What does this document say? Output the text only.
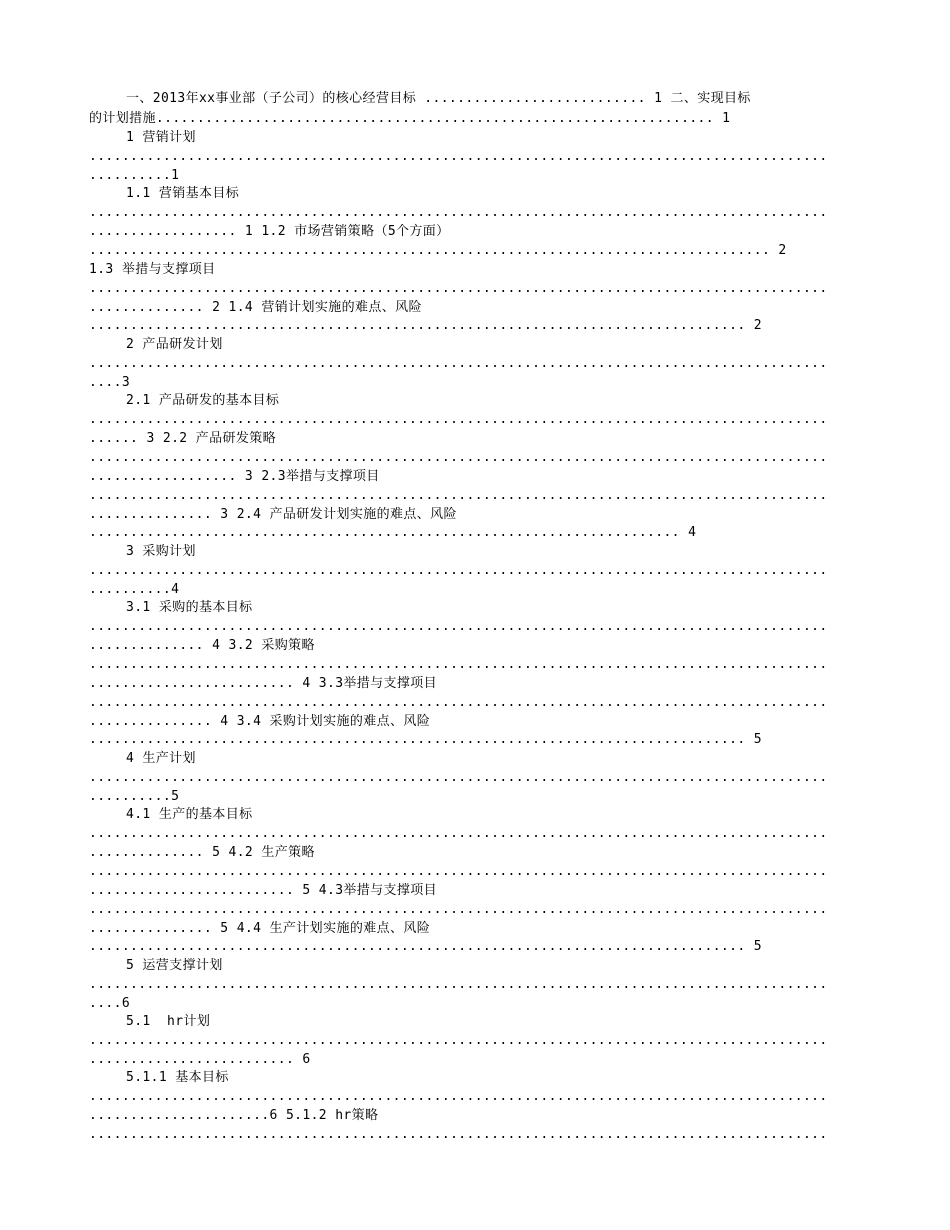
一、2013年xx事业部（子公司）的核心经营目标 ........................... 1 二、实现目标
的计划措施.................................................................... 1
1 营销计划
..........................................................................................
..........1
1.1 营销基本目标
..........................................................................................
.................. 1 1.2 市场营销策略（5个方面）
................................................................................... 2
1.3 举措与支撑项目
..........................................................................................
.............. 2 1.4 营销计划实施的难点、风险
................................................................................ 2
2 产品研发计划
..........................................................................................
....3
2.1 产品研发的基本目标
..........................................................................................
...... 3 2.2 产品研发策略
..........................................................................................
.................. 3 2.3举措与支撑项目
..........................................................................................
............... 3 2.4 产品研发计划实施的难点、风险
........................................................................ 4
3 采购计划
..........................................................................................
..........4
3.1 采购的基本目标
..........................................................................................
.............. 4 3.2 采购策略
..........................................................................................
......................... 4 3.3举措与支撑项目
..........................................................................................
............... 4 3.4 采购计划实施的难点、风险
................................................................................ 5
4 生产计划
..........................................................................................
..........5
4.1 生产的基本目标
..........................................................................................
.............. 5 4.2 生产策略
..........................................................................................
......................... 5 4.3举措与支撑项目
..........................................................................................
............... 5 4.4 生产计划实施的难点、风险
................................................................................ 5
5 运营支撑计划
..........................................................................................
....6
5.1  hr计划
..........................................................................................
......................... 6
5.1.1 基本目标
..........................................................................................
......................6 5.1.2 hr策略
..........................................................................................
